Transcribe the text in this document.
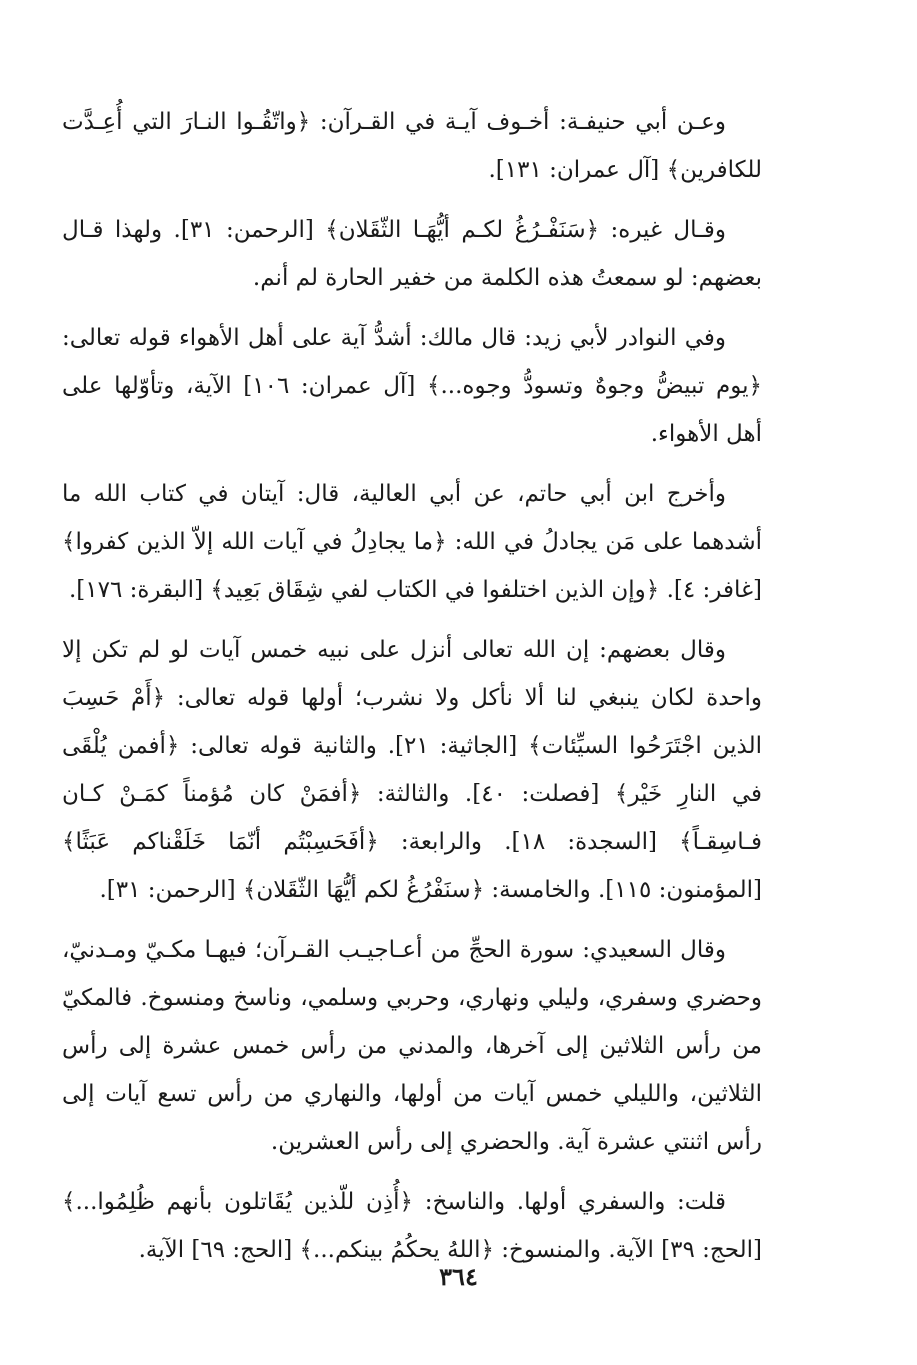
وعـن أبي حنيفـة: أخـوف آيـة في القـرآن: ﴿واتّقُـوا النـارَ التي أُعِـدَّت للكافرين﴾ [آل عمران: ١٣١].

وقـال غيره: ﴿سَنَفْـرُغُ لكـم أيُّهَـا الثّقَلان﴾ [الرحمن: ٣١]. ولهذا قـال بعضهم: لو سمعتُ هذه الكلمة من خفير الحارة لم أنم.

وفي النوادر لأبي زيد: قال مالك: أشدُّ آية على أهل الأهواء قوله تعالى: ﴿يوم تبيضُّ وجوهٌ وتسودُّ وجوه...﴾ [آل عمران: ١٠٦] الآية، وتأوّلها على أهل الأهواء.

وأخرج ابن أبي حاتم، عن أبي العالية، قال: آيتان في كتاب الله ما أشدهما على مَن يجادلُ في الله: ﴿ما يجادِلُ في آيات الله إلاّ الذين كفروا﴾ [غافر: ٤]. ﴿وإن الذين اختلفوا في الكتاب لفي شِقَاق بَعِيد﴾ [البقرة: ١٧٦].

وقال بعضهم: إن الله تعالى أنزل على نبيه خمس آيات لو لم تكن إلا واحدة لكان ينبغي لنا ألا نأكل ولا نشرب؛ أولها قوله تعالى: ﴿أَمْ حَسِبَ الذين اجْتَرَحُوا السيِّئات﴾ [الجاثية: ٢١]. والثانية قوله تعالى: ﴿أفمن يُلْقَى في النارِ خَيْر﴾ [فصلت: ٤٠]. والثالثة: ﴿أفمَنْ كان مُؤمناً كمَـنْ كـان فـاسِقـاً﴾ [السجدة: ١٨]. والرابعة: ﴿أفَحَسِبْتُم أنّمَا خَلَقْناكم عَبَثًا﴾ [المؤمنون: ١١٥]. والخامسة: ﴿سنَفْرُغُ لكم أيُّهَا الثّقَلان﴾ [الرحمن: ٣١].

وقال السعيدي: سورة الحجِّ من أعـاجيـب القـرآن؛ فيهـا مكـيّ ومـدنيّ، وحضري وسفري، وليلي ونهاري، وحربي وسلمي، وناسخ ومنسوخ. فالمكيّ من رأس الثلاثين إلى آخرها، والمدني من رأس خمس عشرة إلى رأس الثلاثين، والليلي خمس آيات من أولها، والنهاري من رأس تسع آيات إلى رأس اثنتي عشرة آية. والحضري إلى رأس العشرين.

قلت: والسفري أولها. والناسخ: ﴿أُذِن للّذين يُقَاتلون بأنهم ظُلِمُوا...﴾ [الحج: ٣٩] الآية. والمنسوخ: ﴿اللهُ يحكُمُ بينكم...﴾ [الحج: ٦٩] الآية.

٣٦٤
